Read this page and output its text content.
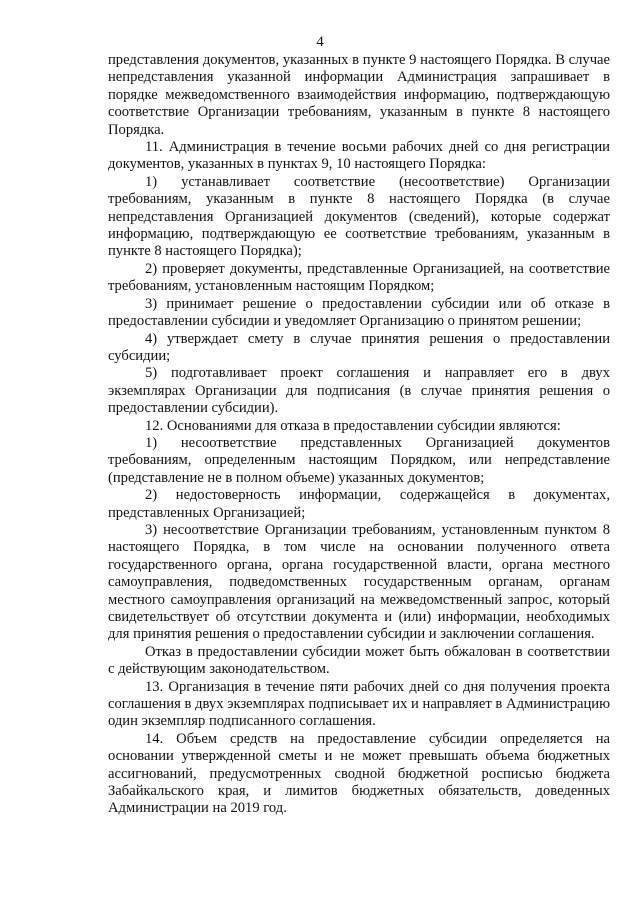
4

представления документов, указанных в пункте 9 настоящего Порядка. В случае непредставления указанной информации Администрация запрашивает в порядке межведомственного взаимодействия информацию, подтверждающую соответствие Организации требованиям, указанным в пункте 8 настоящего Порядка.

11. Администрация в течение восьми рабочих дней со дня регистрации документов, указанных в пунктах 9, 10 настоящего Порядка:

1) устанавливает соответствие (несоответствие) Организации требованиям, указанным в пункте 8 настоящего Порядка (в случае непредставления Организацией документов (сведений), которые содержат информацию, подтверждающую ее соответствие требованиям, указанным в пункте 8 настоящего Порядка);

2) проверяет документы, представленные Организацией, на соответствие требованиям, установленным настоящим Порядком;

3) принимает решение о предоставлении субсидии или об отказе в предоставлении субсидии и уведомляет Организацию о принятом решении;

4) утверждает смету в случае принятия решения о предоставлении субсидии;

5) подготавливает проект соглашения и направляет его в двух экземплярах Организации для подписания (в случае принятия решения о предоставлении субсидии).

12. Основаниями для отказа в предоставлении субсидии являются:

1) несоответствие представленных Организацией документов требованиям, определенным настоящим Порядком, или непредставление (представление не в полном объеме) указанных документов;

2) недостоверность информации, содержащейся в документах, представленных Организацией;

3) несоответствие Организации требованиям, установленным пунктом 8 настоящего Порядка, в том числе на основании полученного ответа государственного органа, органа государственной власти, органа местного самоуправления, подведомственных государственным органам, органам местного самоуправления организаций на межведомственный запрос, который свидетельствует об отсутствии документа и (или) информации, необходимых для принятия решения о предоставлении субсидии и заключении соглашения.

Отказ в предоставлении субсидии может быть обжалован в соответствии с действующим законодательством.

13. Организация в течение пяти рабочих дней со дня получения проекта соглашения в двух экземплярах подписывает их и направляет в Администрацию один экземпляр подписанного соглашения.

14. Объем средств на предоставление субсидии определяется на основании утвержденной сметы и не может превышать объема бюджетных ассигнований, предусмотренных сводной бюджетной росписью бюджета Забайкальского края, и лимитов бюджетных обязательств, доведенных Администрации на 2019 год.
